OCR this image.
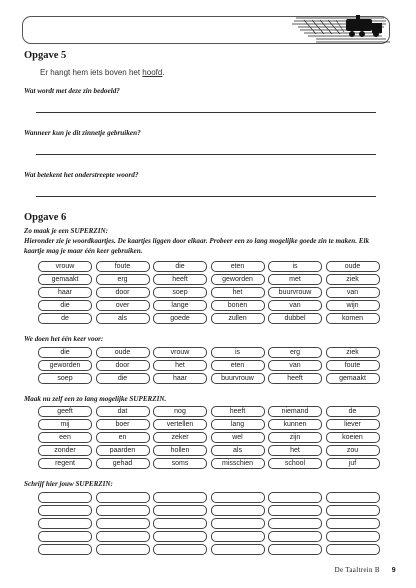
Opgave 5
Er hangt hem iets boven het hoofd.
Wat wordt met deze zin bedoeld?
Wanneer kun je dit zinnetje gebruiken?
Wat betekent het onderstreepte woord?
Opgave 6
Zo maak je een SUPERZIN:
Hieronder zie je woordkaartjes. De kaartjes liggen door elkaar. Probeer een zo lang mogelijke goede zin te maken. Elk kaartje mag je maar één keer gebruiken.
vrouw	foute	die	eten	is	oude
gemaakt	erg	heeft	geworden	met	ziek
haar	door	soep	het	buurvrouw	van
die	over	lange	bonen	van	wijn
de	als	goede	zullen	dubbel	komen
We doen het één keer voor:
die	oude	vrouw	is	erg	ziek
geworden	door	het	eten	van	foute
soep	die	haar	buurvrouw	heeft	gemaakt
Maak nu zelf een zo lang mogelijke SUPERZIN.
geeft	dat	nog	heeft	niemand	de
mij	boer	vertellen	lang	kunnen	liever
een	en	zeker	wel	zijn	koeien
zonder	paarden	hollen	als	het	zou
regent	gehad	soms	misschien	school	juf
Schrijf hier jouw SUPERZIN:
De Taaltrein B 9
